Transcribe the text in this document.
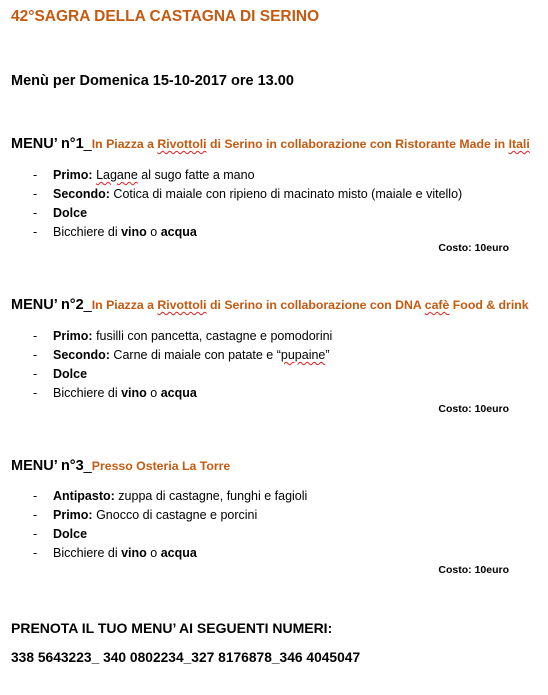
42°SAGRA DELLA CASTAGNA DI SERINO
Menù per Domenica 15-10-2017 ore 13.00
MENU’ n°1_In Piazza a Rivottoli di Serino in collaborazione con Ristorante Made in Itali
- Primo: Lagane al sugo fatte a mano
- Secondo: Cotica di maiale con ripieno di macinato misto (maiale e vitello)
- Dolce
- Bicchiere di vino o acqua
Costo: 10euro
MENU’ n°2_In Piazza a Rivottoli di Serino in collaborazione con DNA cafè Food & drink
- Primo: fusilli con pancetta, castagne e pomodorini
- Secondo: Carne di maiale con patate e “pupaine”
- Dolce
- Bicchiere di vino o acqua
Costo: 10euro
MENU’ n°3_Presso Osteria La Torre
- Antipasto: zuppa di castagne, funghi e fagioli
- Primo: Gnocco di castagne e porcini
- Dolce
- Bicchiere di vino o acqua
Costo: 10euro
PRENOTA IL TUO MENU’ AI SEGUENTI NUMERI:
338 5643223_ 340 0802234_327 8176878_346 4045047
